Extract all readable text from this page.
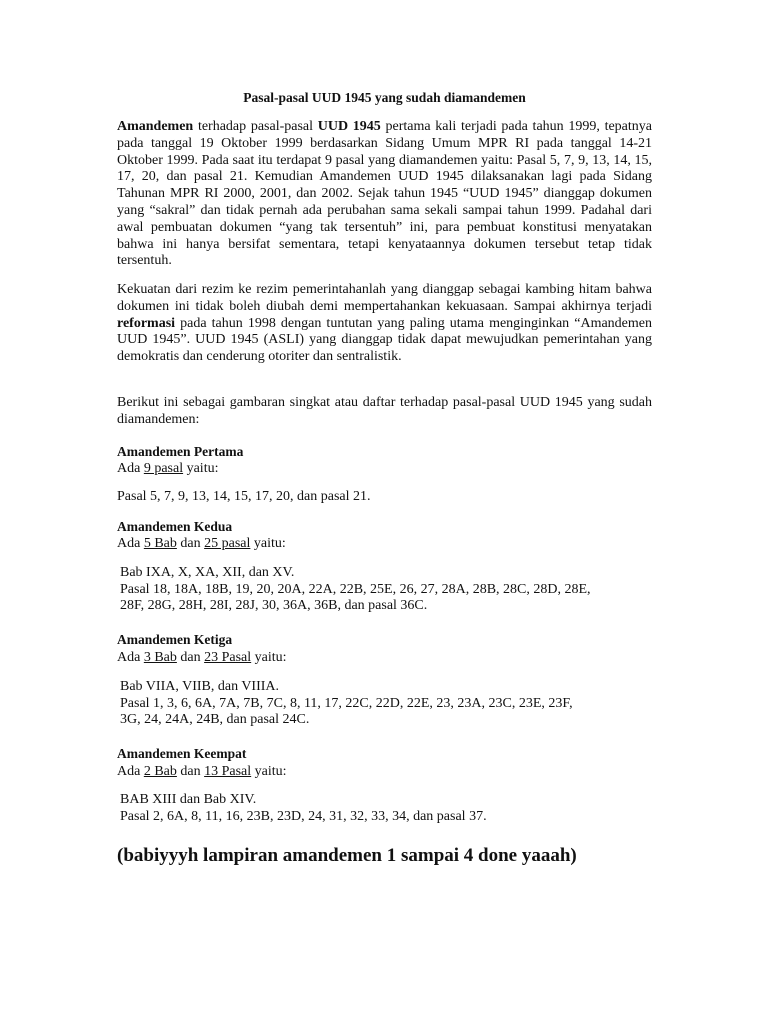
Pasal-pasal UUD 1945 yang sudah diamandemen
Amandemen terhadap pasal-pasal UUD 1945 pertama kali terjadi pada tahun 1999, tepatnya pada tanggal 19 Oktober 1999 berdasarkan Sidang Umum MPR RI pada tanggal 14-21 Oktober 1999. Pada saat itu terdapat 9 pasal yang diamandemen yaitu: Pasal 5, 7, 9, 13, 14, 15, 17, 20, dan pasal 21. Kemudian Amandemen UUD 1945 dilaksanakan lagi pada Sidang Tahunan MPR RI 2000, 2001, dan 2002. Sejak tahun 1945 “UUD 1945” dianggap dokumen yang “sakral” dan tidak pernah ada perubahan sama sekali sampai tahun 1999. Padahal dari awal pembuatan dokumen “yang tak tersentuh” ini, para pembuat konstitusi menyatakan bahwa ini hanya bersifat sementara, tetapi kenyataannya dokumen tersebut tetap tidak tersentuh.
Kekuatan dari rezim ke rezim pemerintahanlah yang dianggap sebagai kambing hitam bahwa dokumen ini tidak boleh diubah demi mempertahankan kekuasaan. Sampai akhirnya terjadi reformasi pada tahun 1998 dengan tuntutan yang paling utama menginginkan “Amandemen UUD 1945”. UUD 1945 (ASLI) yang dianggap tidak dapat mewujudkan pemerintahan yang demokratis dan cenderung otoriter dan sentralistik.
Berikut ini sebagai gambaran singkat atau daftar terhadap pasal-pasal UUD 1945 yang sudah diamandemen:
Amandemen Pertama
Ada 9 pasal yaitu:
Pasal 5, 7, 9, 13, 14, 15, 17, 20, dan pasal 21.
Amandemen Kedua
Ada 5 Bab dan 25 pasal yaitu:
Bab IXA, X, XA, XII, dan XV.
Pasal 18, 18A, 18B, 19, 20, 20A, 22A, 22B, 25E, 26, 27, 28A, 28B, 28C, 28D, 28E,
28F, 28G, 28H, 28I, 28J, 30, 36A, 36B, dan pasal 36C.
Amandemen Ketiga
Ada 3 Bab dan 23 Pasal yaitu:
Bab VIIA, VIIB, dan VIIIA.
Pasal 1, 3, 6, 6A, 7A, 7B, 7C, 8, 11, 17, 22C, 22D, 22E, 23, 23A, 23C, 23E, 23F,
3G, 24, 24A, 24B, dan pasal 24C.
Amandemen Keempat
Ada 2 Bab dan 13 Pasal yaitu:
BAB XIII dan Bab XIV.
Pasal 2, 6A, 8, 11, 16, 23B, 23D, 24, 31, 32, 33, 34, dan pasal 37.
(babiyyyh lampiran amandemen 1 sampai 4 done yaaah)
